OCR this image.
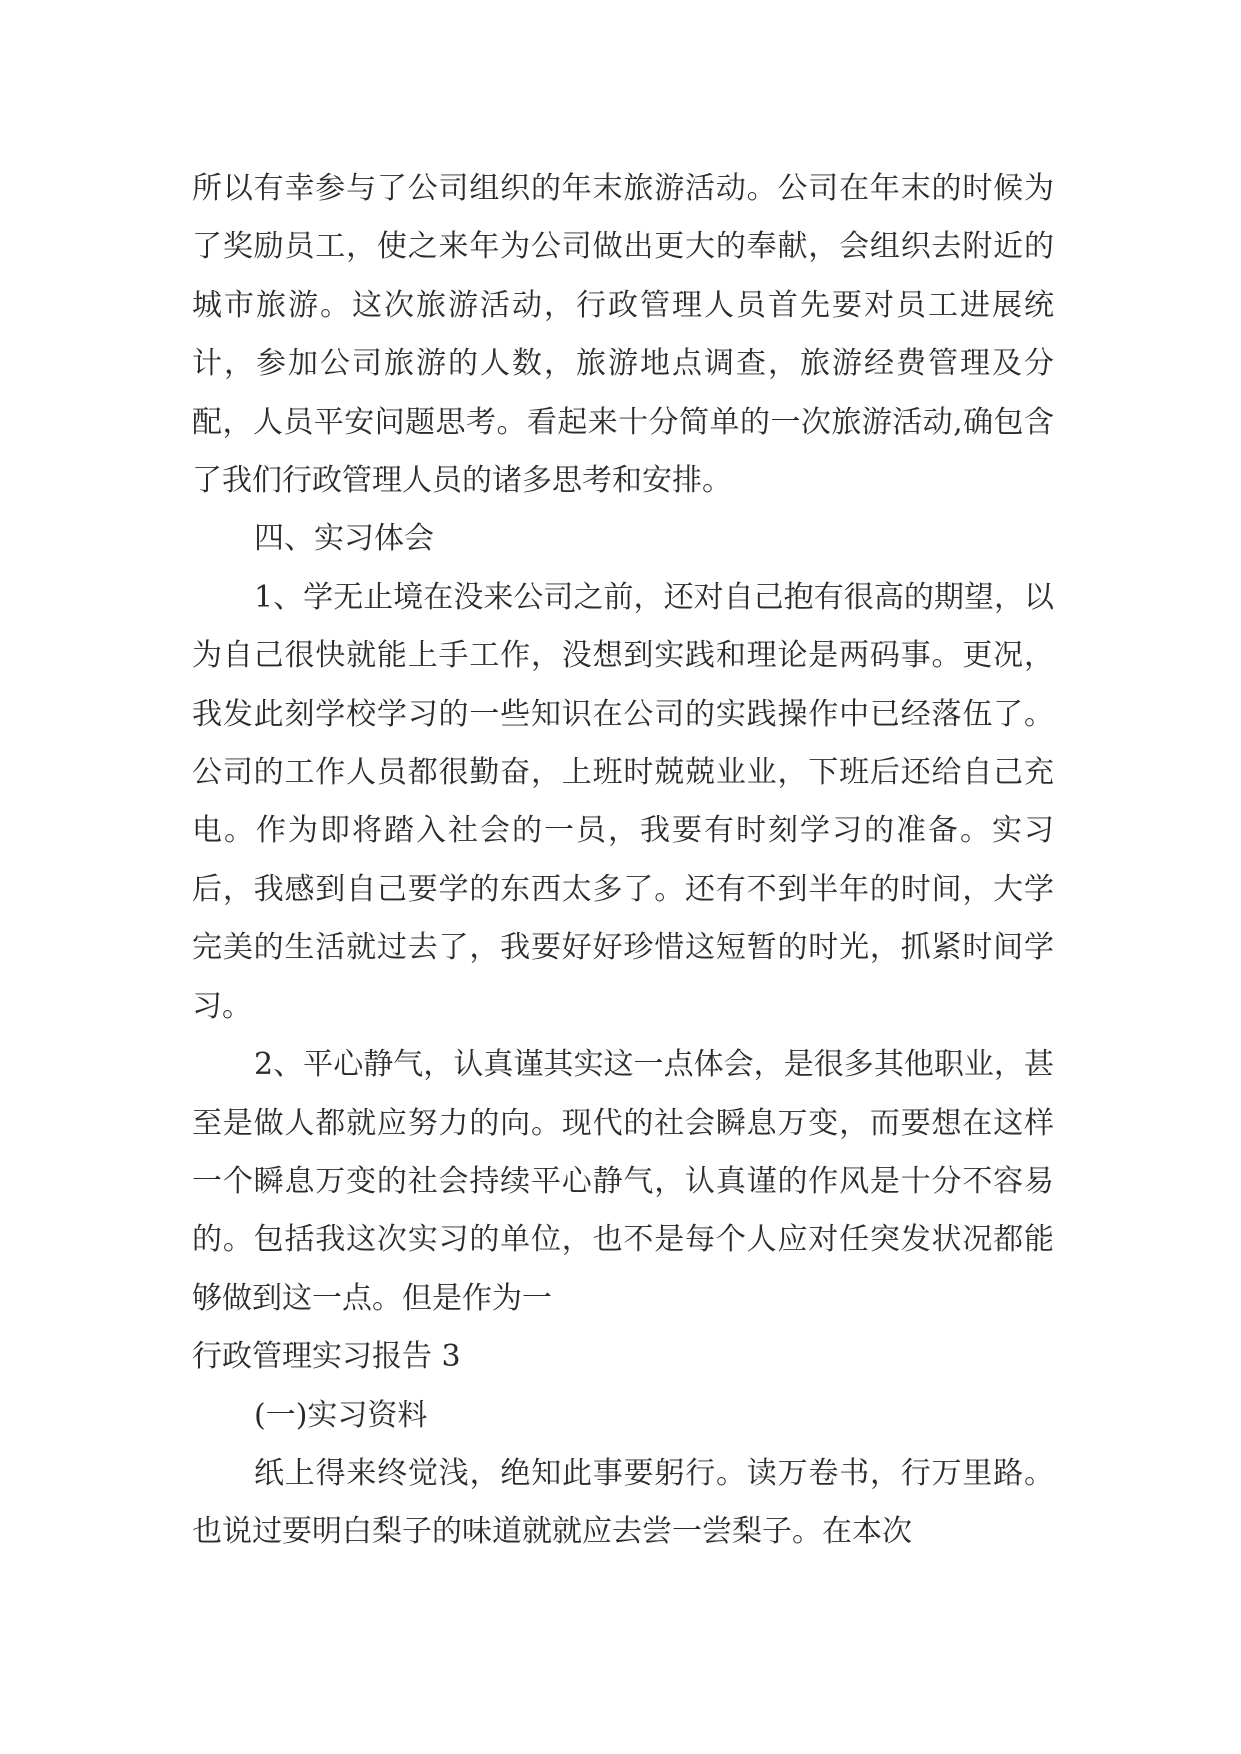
所以有幸参与了公司组织的年末旅游活动。公司在年末的时候为了奖励员工，使之来年为公司做出更大的奉献，会组织去附近的城市旅游。这次旅游活动，行政管理人员首先要对员工进展统计，参加公司旅游的人数，旅游地点调查，旅游经费管理及分配，人员平安问题思考。看起来十分简单的一次旅游活动,确包含了我们行政管理人员的诸多思考和安排。

四、实习体会

1、学无止境在没来公司之前，还对自己抱有很高的期望，以为自己很快就能上手工作，没想到实践和理论是两码事。更况，我发此刻学校学习的一些知识在公司的实践操作中已经落伍了。公司的工作人员都很勤奋，上班时兢兢业业，下班后还给自己充电。作为即将踏入社会的一员，我要有时刻学习的准备。实习后，我感到自己要学的东西太多了。还有不到半年的时间，大学完美的生活就过去了，我要好好珍惜这短暂的时光，抓紧时间学习。

2、平心静气，认真谨其实这一点体会，是很多其他职业，甚至是做人都就应努力的向。现代的社会瞬息万变，而要想在这样一个瞬息万变的社会持续平心静气，认真谨的作风是十分不容易的。包括我这次实习的单位，也不是每个人应对任突发状况都能够做到这一点。但是作为一

行政管理实习报告 3

(一)实习资料

纸上得来终觉浅，绝知此事要躬行。读万卷书，行万里路。也说过要明白梨子的味道就就应去尝一尝梨子。在本次
